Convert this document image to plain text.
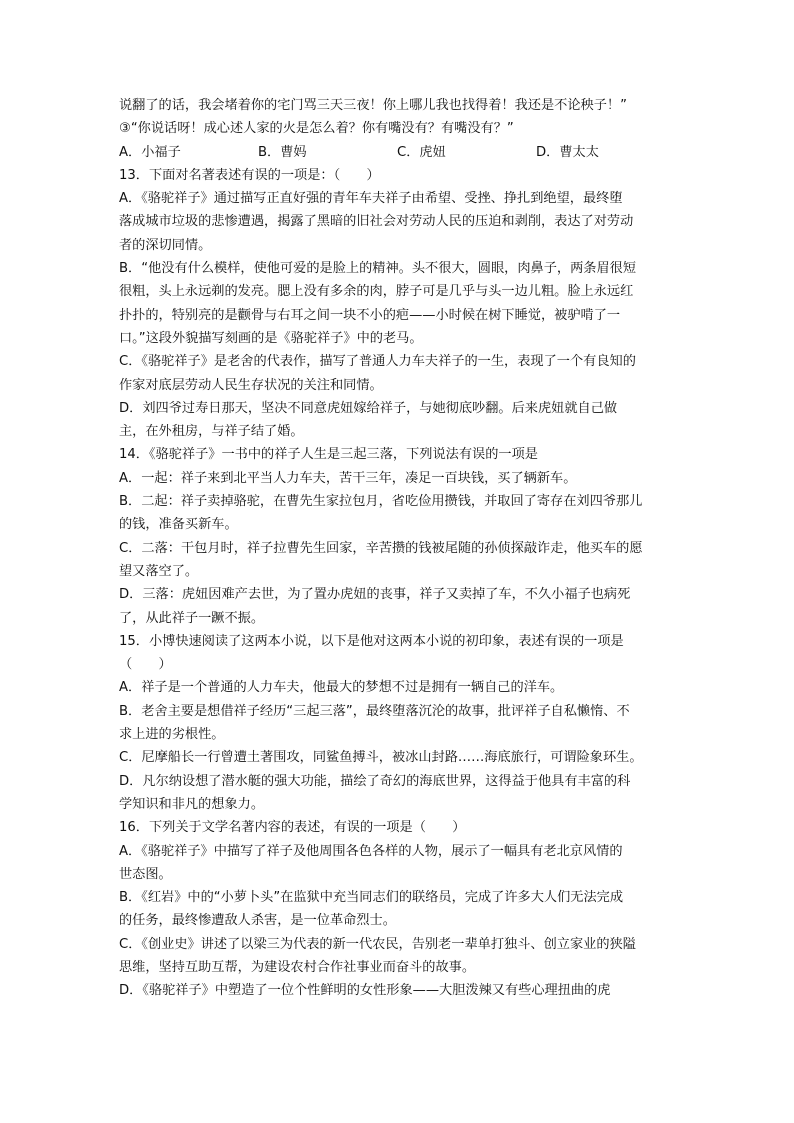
说翻了的话，我会堵着你的宅门骂三天三夜！你上哪儿我也找得着！我还是不论秧子！”
③“你说话呀！成心述人家的火是怎么着？你有嘴没有？有嘴没有？”
A．小福子	B．曹妈	C．虎妞	D．曹太太
13．下面对名著表述有误的一项是：（　　）
A．《骆驼祥子》通过描写正直好强的青年车夫祥子由希望、受挫、挣扎到绝望，最终堕
落成城市垃圾的悲惨遭遇，揭露了黑暗的旧社会对劳动人民的压迫和剥削，表达了对劳动
者的深切同情。
B．“他没有什么模样，使他可爱的是脸上的精神。头不很大，圆眼，肉鼻子，两条眉很短
很粗，头上永远剃的发亮。腮上没有多余的肉，脖子可是几乎与头一边儿粗。脸上永远红
扑扑的，特别亮的是颧骨与右耳之间一块不小的疤——小时候在树下睡觉，被驴啃了一
口。”这段外貌描写刻画的是《骆驼祥子》中的老马。
C．《骆驼祥子》是老舍的代表作，描写了普通人力车夫祥子的一生，表现了一个有良知的
作家对底层劳动人民生存状况的关注和同情。
D．刘四爷过寿日那天，坚决不同意虎妞嫁给祥子，与她彻底吵翻。后来虎妞就自己做
主，在外租房，与祥子结了婚。
14．《骆驼祥子》一书中的祥子人生是三起三落，下列说法有误的一项是
A．一起：祥子来到北平当人力车夫，苦干三年，凑足一百块钱，买了辆新车。
B．二起：祥子卖掉骆驼，在曹先生家拉包月，省吃俭用攒钱，并取回了寄存在刘四爷那儿
的钱，准备买新车。
C．二落：干包月时，祥子拉曹先生回家，辛苦攒的钱被尾随的孙侦探敲诈走，他买车的愿
望又落空了。
D．三落：虎妞因难产去世，为了置办虎妞的丧事，祥子又卖掉了车，不久小福子也病死
了，从此祥子一蹶不振。
15．小博快速阅读了这两本小说，以下是他对这两本小说的初印象，表述有误的一项是
（　　）
A．祥子是一个普通的人力车夫，他最大的梦想不过是拥有一辆自己的洋车。
B．老舍主要是想借祥子经历“三起三落”，最终堕落沉沦的故事，批评祥子自私懒惰、不
求上进的劣根性。
C．尼摩船长一行曾遭土著围攻，同鲨鱼搏斗，被冰山封路……海底旅行，可谓险象环生。
D．凡尔纳设想了潜水艇的强大功能，描绘了奇幻的海底世界，这得益于他具有丰富的科
学知识和非凡的想象力。
16．下列关于文学名著内容的表述，有误的一项是（　　）
A．《骆驼祥子》中描写了祥子及他周围各色各样的人物，展示了一幅具有老北京风情的
世态图。
B．《红岩》中的“小萝卜头”在监狱中充当同志们的联络员，完成了许多大人们无法完成
的任务，最终惨遭敌人杀害，是一位革命烈士。
C．《创业史》讲述了以梁三为代表的新一代农民，告别老一辈单打独斗、创立家业的狭隘
思维，坚持互助互帮，为建设农村合作社事业而奋斗的故事。
D．《骆驼祥子》中塑造了一位个性鲜明的女性形象——大胆泼辣又有些心理扭曲的虎
